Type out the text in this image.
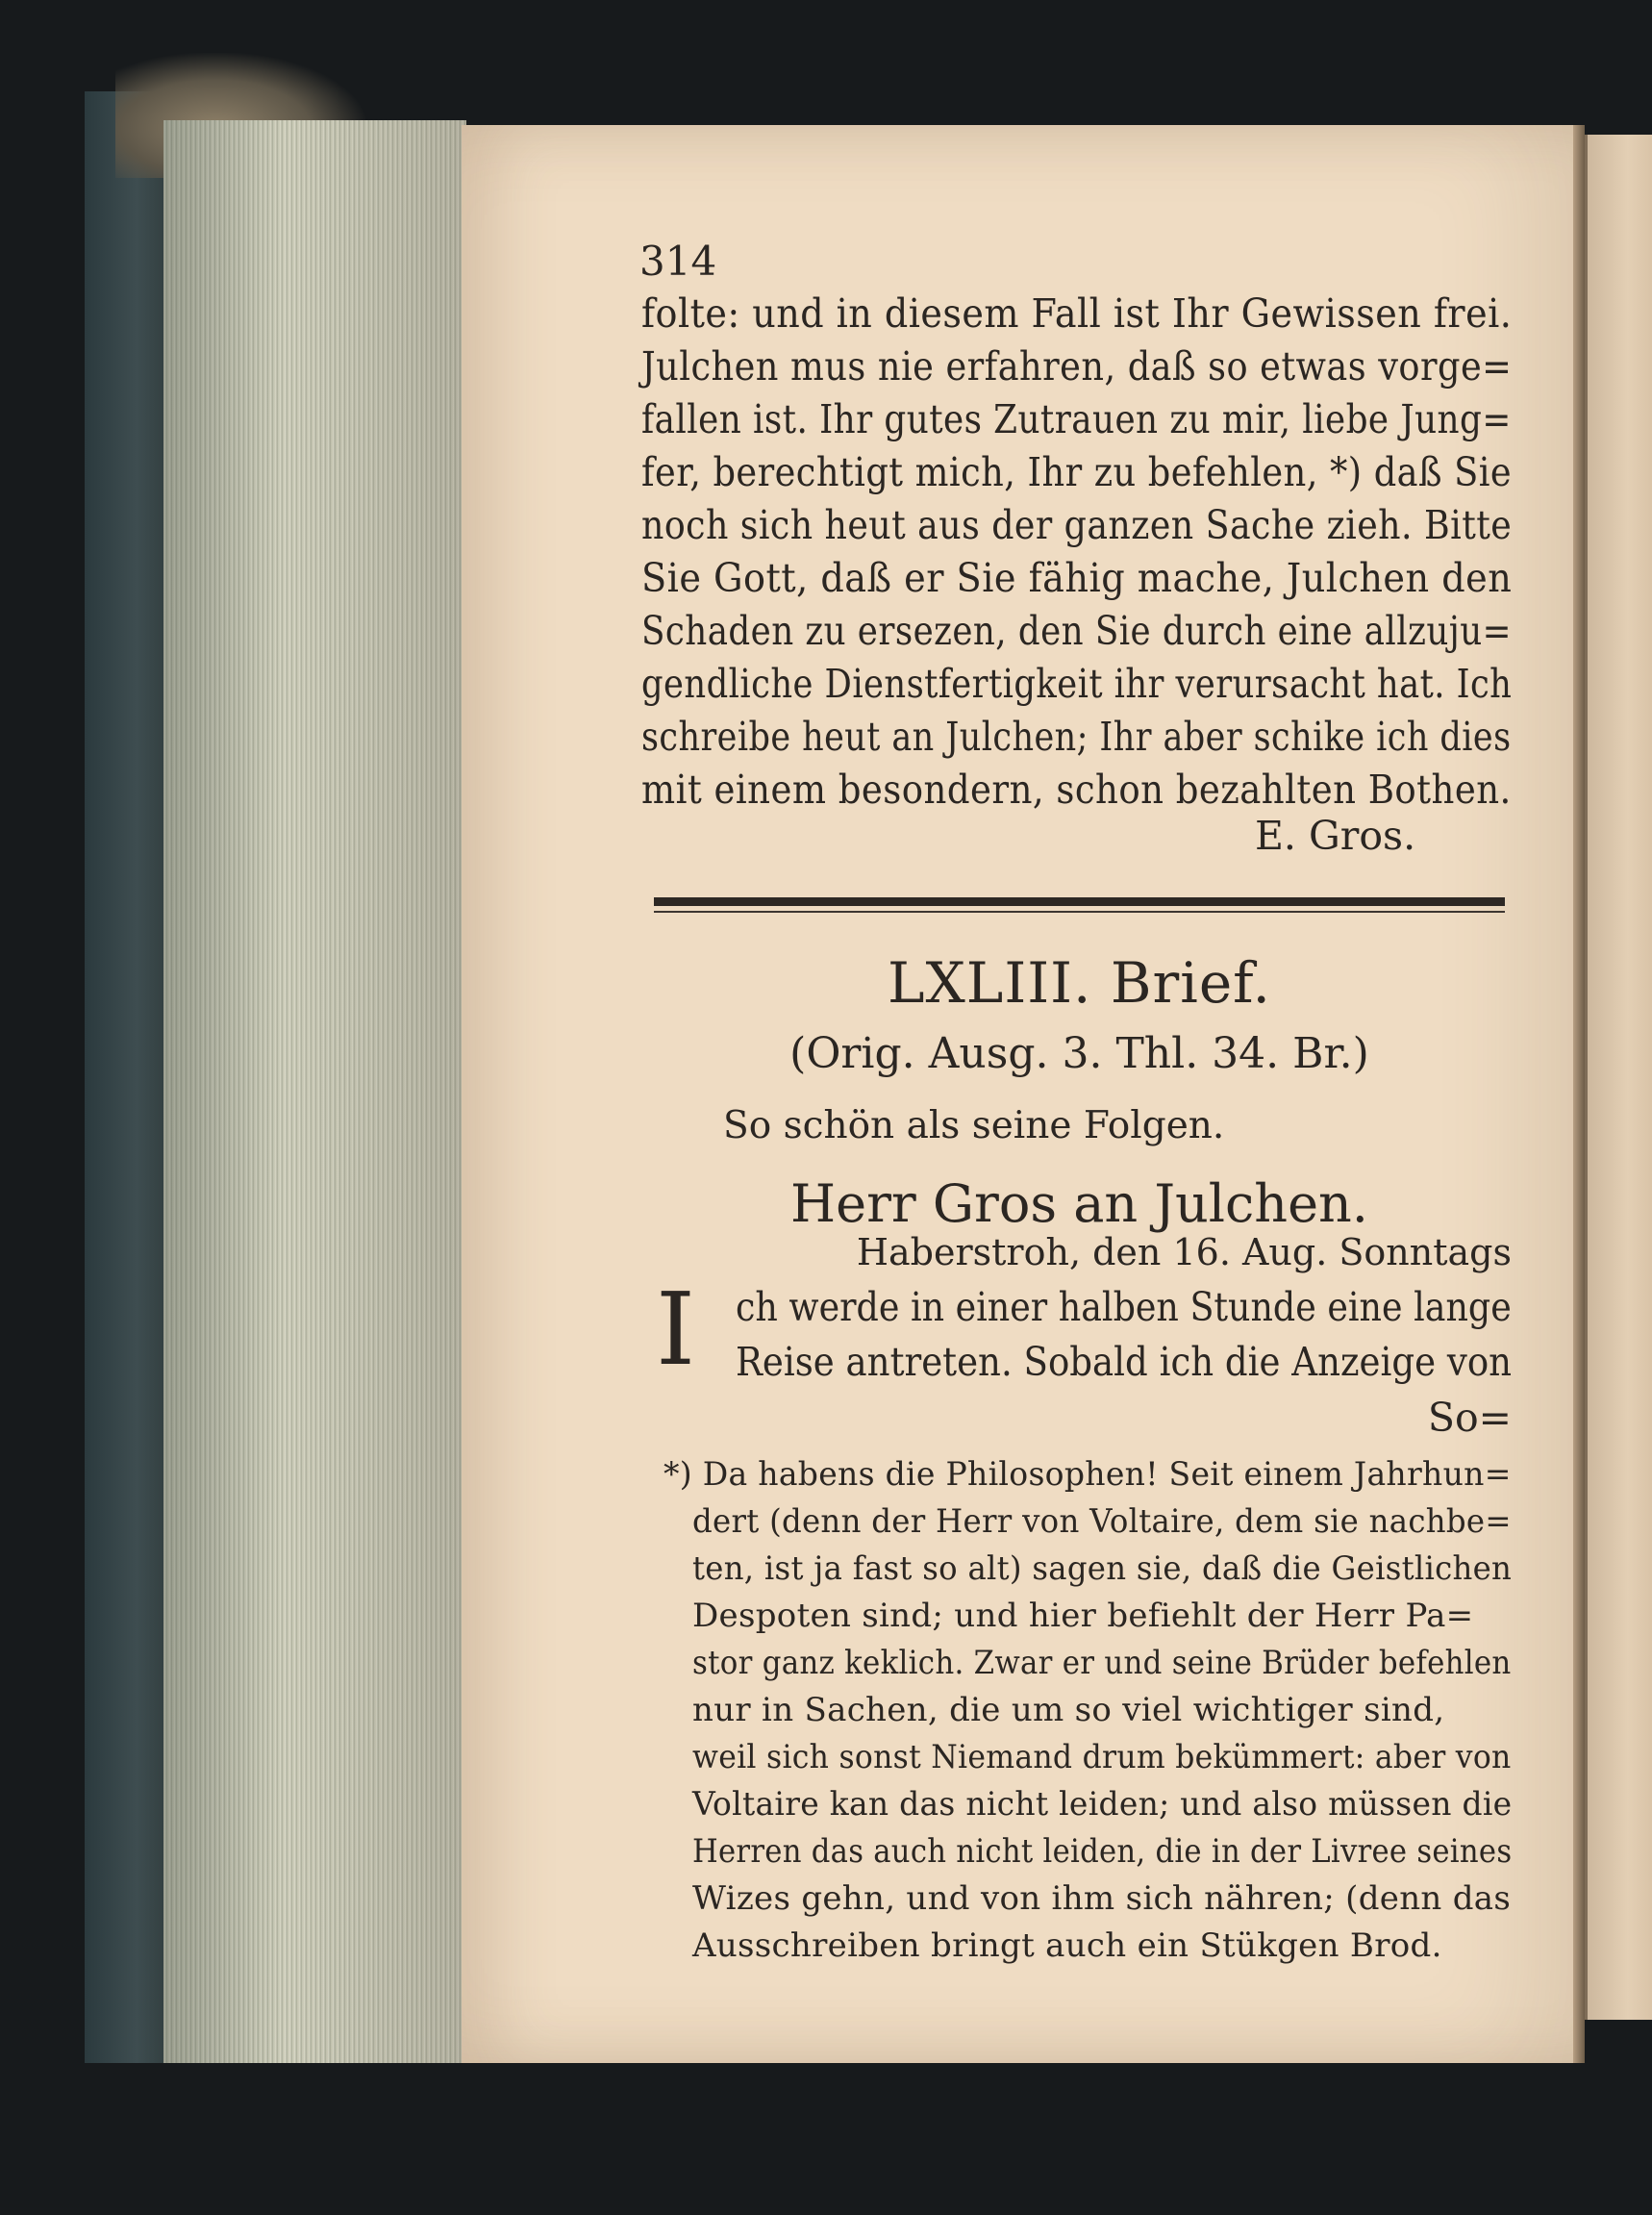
314
folte: und in diesem Fall ist Ihr Gewissen frei.
Julchen mus nie erfahren, daß so etwas vorge=
fallen ist. Ihr gutes Zutrauen zu mir, liebe Jung=
fer, berechtigt mich, Ihr zu befehlen, *) daß Sie
noch sich heut aus der ganzen Sache zieh. Bitte
Sie Gott, daß er Sie fähig mache, Julchen den
Schaden zu ersezen, den Sie durch eine allzuju=
gendliche Dienstfertigkeit ihr verursacht hat. Ich
schreibe heut an Julchen; Ihr aber schike ich dies
mit einem besondern, schon bezahlten Bothen.
E. Gros.
LXLIII. Brief.
(Orig. Ausg. 3. Thl. 34. Br.)
So schön als seine Folgen.
Herr Gros an Julchen.
Haberstroh, den 16. Aug. Sonntags
I	ch werde in einer halben Stunde eine lange
Reise antreten. Sobald ich die Anzeige von
So=
*) Da habens die Philosophen! Seit einem Jahrhun=
dert (denn der Herr von Voltaire, dem sie nachbe=
ten, ist ja fast so alt) sagen sie, daß die Geistlichen
Despoten sind; und hier befiehlt der Herr Pa=
stor ganz keklich. Zwar er und seine Brüder befehlen
nur in Sachen, die um so viel wichtiger sind,
weil sich sonst Niemand drum bekümmert: aber von
Voltaire kan das nicht leiden; und also müssen die
Herren das auch nicht leiden, die in der Livree seines
Wizes gehn, und von ihm sich nähren; (denn das
Ausschreiben bringt auch ein Stükgen Brod.
